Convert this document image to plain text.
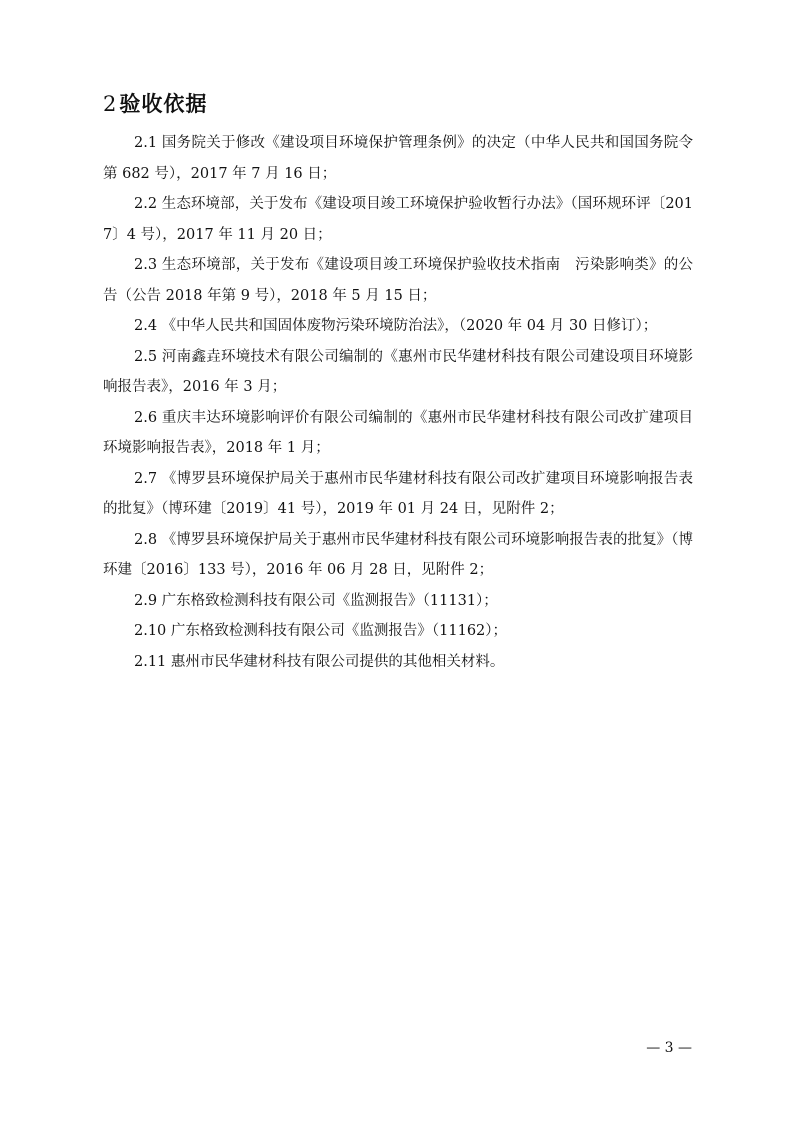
2验收依据
2.1 国务院关于修改《建设项目环境保护管理条例》的决定（中华人民共和国国务院令第 682 号），2017 年 7 月 16 日；
2.2 生态环境部，关于发布《建设项目竣工环境保护验收暂行办法》（国环规环评〔2017〕4 号），2017 年 11 月 20 日；
2.3 生态环境部，关于发布《建设项目竣工环境保护验收技术指南　污染影响类》的公告（公告 2018 年第 9 号），2018 年 5 月 15 日；
2.4 《中华人民共和国固体废物污染环境防治法》，（2020 年 04 月 30 日修订）；
2.5 河南鑫垚环境技术有限公司编制的《惠州市民华建材科技有限公司建设项目环境影响报告表》，2016 年 3 月；
2.6 重庆丰达环境影响评价有限公司编制的《惠州市民华建材科技有限公司改扩建项目环境影响报告表》，2018 年 1 月；
2.7 《博罗县环境保护局关于惠州市民华建材科技有限公司改扩建项目环境影响报告表的批复》（博环建〔2019〕41 号），2019 年 01 月 24 日，见附件 2；
2.8 《博罗县环境保护局关于惠州市民华建材科技有限公司环境影响报告表的批复》（博环建〔2016〕133 号），2016 年 06 月 28 日，见附件 2；
2.9 广东格致检测科技有限公司《监测报告》（11131）；
2.10 广东格致检测科技有限公司《监测报告》（11162）；
2.11 惠州市民华建材科技有限公司提供的其他相关材料。
— 3 —
